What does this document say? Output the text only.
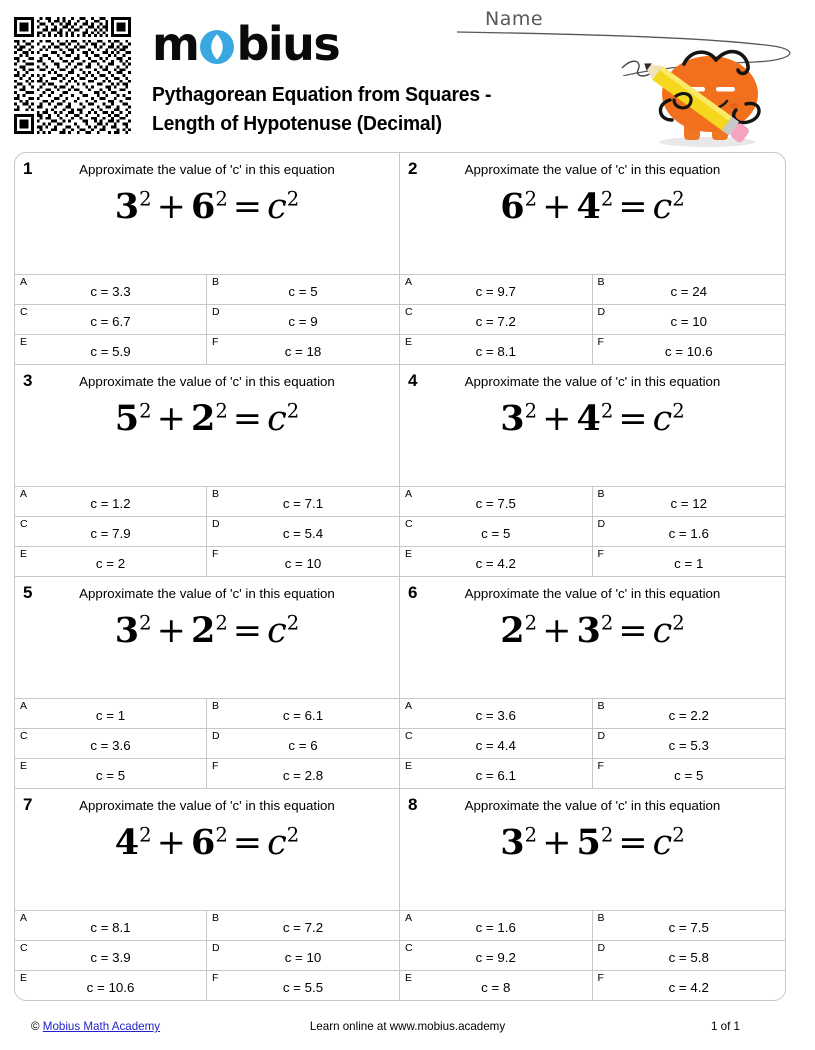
m bius
Pythagorean Equation from Squares - Length of Hypotenuse (Decimal)
Name
1	Approximate the value of 'c' in this equation
$3^2 + 6^2 = c^2$
A
c = 3.3
B
c = 5
C
c = 6.7
D
c = 9
E
c = 5.9
F
c = 18
2	Approximate the value of 'c' in this equation
$6^2 + 4^2 = c^2$
A
c = 9.7
B
c = 24
C
c = 7.2
D
c = 10
E
c = 8.1
F
c = 10.6
3	Approximate the value of 'c' in this equation
$5^2 + 2^2 = c^2$
A
c = 1.2
B
c = 7.1
C
c = 7.9
D
c = 5.4
E
c = 2
F
c = 10
4	Approximate the value of 'c' in this equation
$3^2 + 4^2 = c^2$
A
c = 7.5
B
c = 12
C
c = 5
D
c = 1.6
E
c = 4.2
F
c = 1
5	Approximate the value of 'c' in this equation
$3^2 + 2^2 = c^2$
A
c = 1
B
c = 6.1
C
c = 3.6
D
c = 6
E
c = 5
F
c = 2.8
6	Approximate the value of 'c' in this equation
$2^2 + 3^2 = c^2$
A
c = 3.6
B
c = 2.2
C
c = 4.4
D
c = 5.3
E
c = 6.1
F
c = 5
7	Approximate the value of 'c' in this equation
$4^2 + 6^2 = c^2$
A
c = 8.1
B
c = 7.2
C
c = 3.9
D
c = 10
E
c = 10.6
F
c = 5.5
8	Approximate the value of 'c' in this equation
$3^2 + 5^2 = c^2$
A
c = 1.6
B
c = 7.5
C
c = 9.2
D
c = 5.8
E
c = 8
F
c = 4.2
© Mobius Math Academy	Learn online at www.mobius.academy	1 of 1
